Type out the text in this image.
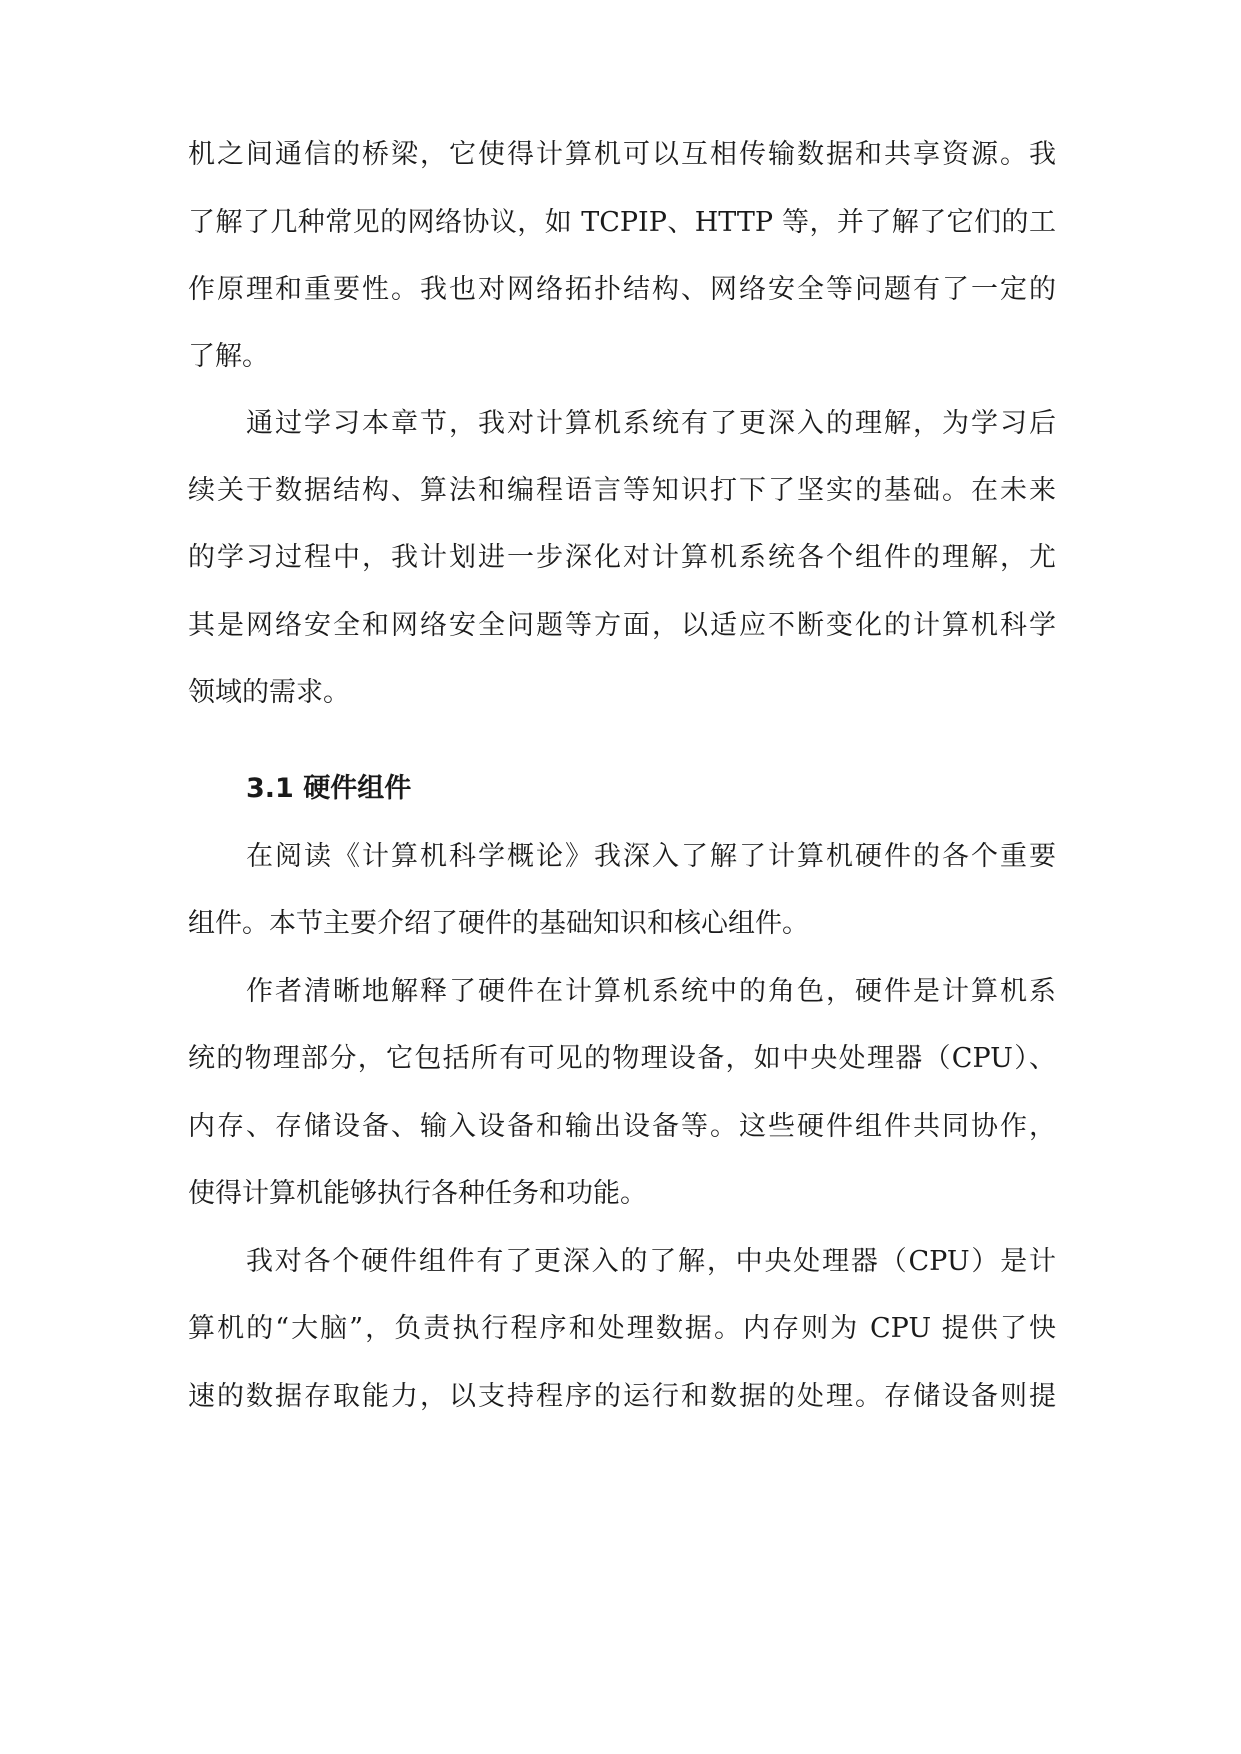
机之间通信的桥梁，它使得计算机可以互相传输数据和共享资源。我

了解了几种常见的网络协议，如 TCPIP、HTTP 等，并了解了它们的工

作原理和重要性。我也对网络拓扑结构、网络安全等问题有了一定的

了解。

通过学习本章节，我对计算机系统有了更深入的理解，为学习后

续关于数据结构、算法和编程语言等知识打下了坚实的基础。在未来

的学习过程中，我计划进一步深化对计算机系统各个组件的理解，尤

其是网络安全和网络安全问题等方面，以适应不断变化的计算机科学

领域的需求。

3.1 硬件组件

在阅读《计算机科学概论》我深入了解了计算机硬件的各个重要

组件。本节主要介绍了硬件的基础知识和核心组件。

作者清晰地解释了硬件在计算机系统中的角色，硬件是计算机系

统的物理部分，它包括所有可见的物理设备，如中央处理器（CPU）、

内存、存储设备、输入设备和输出设备等。这些硬件组件共同协作，

使得计算机能够执行各种任务和功能。

我对各个硬件组件有了更深入的了解，中央处理器（CPU）是计

算机的“大脑”，负责执行程序和处理数据。内存则为 CPU 提供了快

速的数据存取能力，以支持程序的运行和数据的处理。存储设备则提
